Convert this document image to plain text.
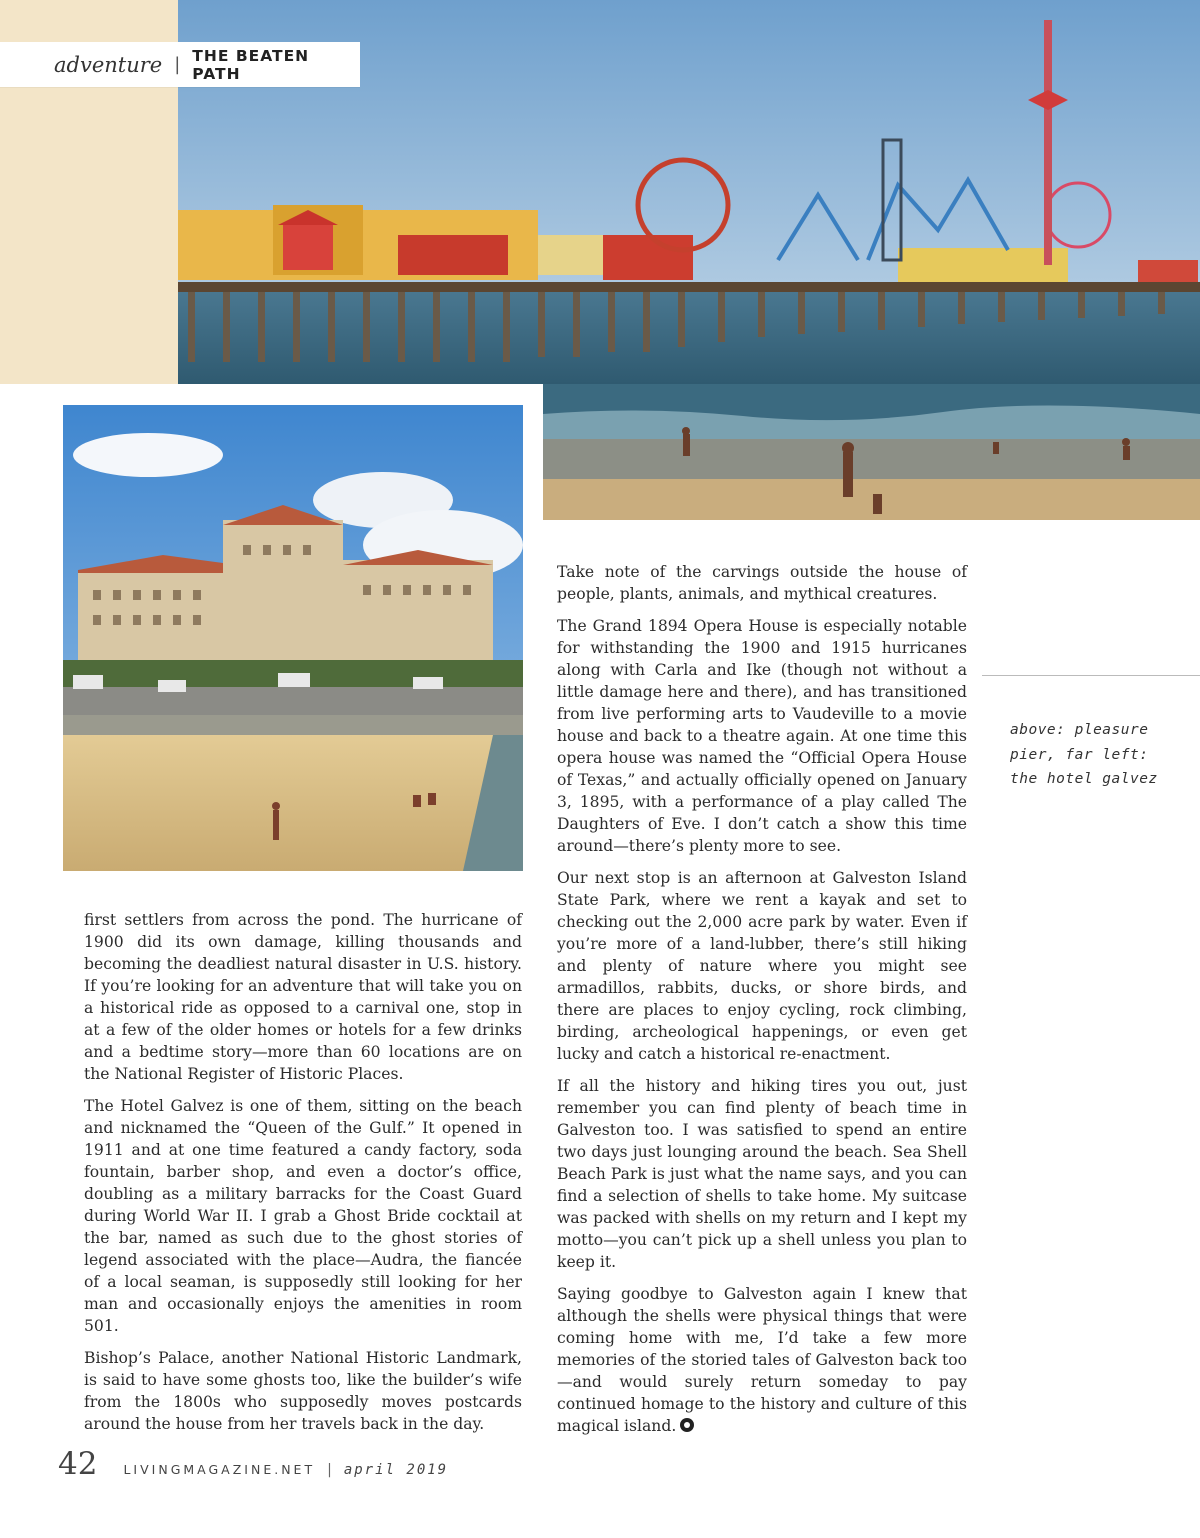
adventure | THE BEATEN PATH

first settlers from across the pond. The hurricane of 1900 did its own damage, killing thousands and becoming the deadliest natural disaster in U.S. history. If you’re looking for an adventure that will take you on a historical ride as opposed to a carnival one, stop in at a few of the older homes or hotels for a few drinks and a bedtime story—more than 60 locations are on the National Register of Historic Places.

The Hotel Galvez is one of them, sitting on the beach and nicknamed the “Queen of the Gulf.” It opened in 1911 and at one time featured a candy factory, soda fountain, barber shop, and even a doctor’s office, doubling as a military barracks for the Coast Guard during World War II. I grab a Ghost Bride cocktail at the bar, named as such due to the ghost stories of legend associated with the place—Audra, the fiancée of a local seaman, is supposedly still looking for her man and occasionally enjoys the amenities in room 501.

Bishop’s Palace, another National Historic Landmark, is said to have some ghosts too, like the builder’s wife from the 1800s who supposedly moves postcards around the house from her travels back in the day.

Take note of the carvings outside the house of people, plants, animals, and mythical creatures.

The Grand 1894 Opera House is especially notable for withstanding the 1900 and 1915 hurricanes along with Carla and Ike (though not without a little damage here and there), and has transitioned from live performing arts to Vaudeville to a movie house and back to a theatre again. At one time this opera house was named the “Official Opera House of Texas,” and actually officially opened on January 3, 1895, with a performance of a play called The Daughters of Eve. I don’t catch a show this time around—there’s plenty more to see.

Our next stop is an afternoon at Galveston Island State Park, where we rent a kayak and set to checking out the 2,000 acre park by water. Even if you’re more of a land-lubber, there’s still hiking and plenty of nature where you might see armadillos, rabbits, ducks, or shore birds, and there are places to enjoy cycling, rock climbing, birding, archeological happenings, or even get lucky and catch a historical re-enactment.

If all the history and hiking tires you out, just remember you can find plenty of beach time in Galveston too. I was satisfied to spend an entire two days just lounging around the beach. Sea Shell Beach Park is just what the name says, and you can find a selection of shells to take home. My suitcase was packed with shells on my return and I kept my motto—you can’t pick up a shell unless you plan to keep it.

Saying goodbye to Galveston again I knew that although the shells were physical things that were coming home with me, I’d take a few more memories of the storied tales of Galveston back too—and would surely return someday to pay continued homage to the history and culture of this magical island.

above: pleasure pier, far left: the hotel galvez
42 LIVINGMAGAZINE.NET | april 2019
